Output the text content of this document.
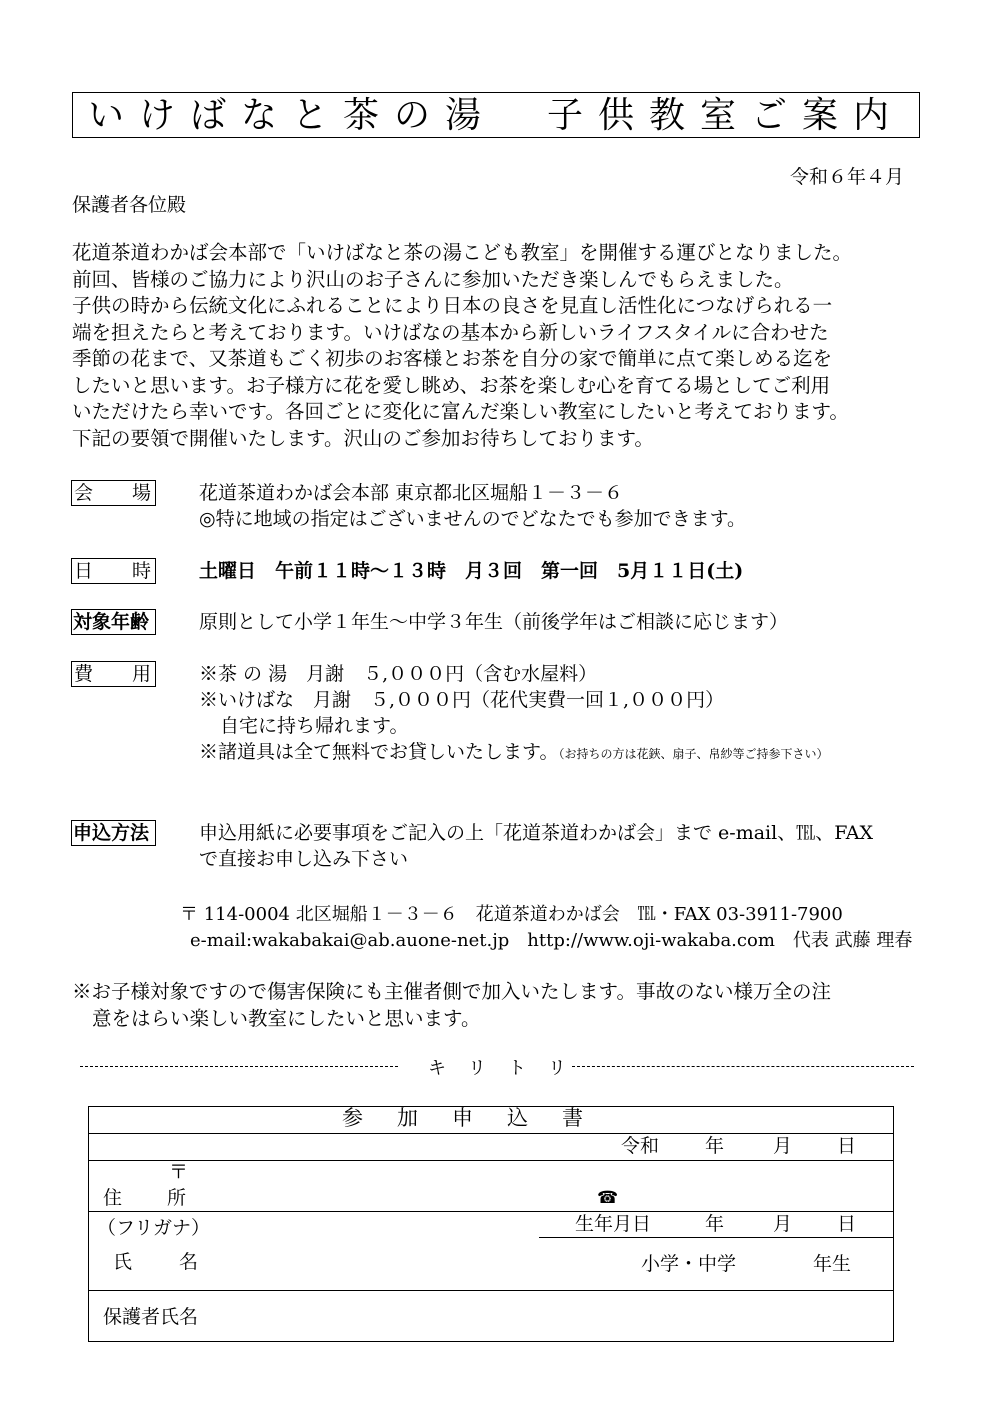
いけばなと茶の湯　子供教室ご案内
令和６年４月
保護者各位殿
花道茶道わかば会本部で「いけばなと茶の湯こども教室」を開催する運びとなりました。
前回、皆様のご協力により沢山のお子さんに参加いただき楽しんでもらえました。
子供の時から伝統文化にふれることにより日本の良さを見直し活性化につなげられる一
端を担えたらと考えております。いけばなの基本から新しいライフスタイルに合わせた
季節の花まで、又茶道もごく初歩のお客様とお茶を自分の家で簡単に点て楽しめる迄を
したいと思います。お子様方に花を愛し眺め、お茶を楽しむ心を育てる場としてご利用
いただけたら幸いです。各回ごとに変化に富んだ楽しい教室にしたいと考えております。
下記の要領で開催いたします。沢山のご参加お待ちしております。
会 場	花道茶道わかば会本部 東京都北区堀船１－３－６
◎特に地域の指定はございませんのでどなたでも参加できます。
日 時	土曜日　午前１１時～１３時　月３回　第一回　5月１１日(土)
対象年齢	原則として小学１年生～中学３年生（前後学年はご相談に応じます）
費 用	※茶 の 湯　月謝　５,０００円（含む水屋料）
※いけばな　月謝　５,０００円（花代実費一回１,０００円）
自宅に持ち帰れます。
※諸道具は全て無料でお貸しいたします。（お持ちの方は花鋏、扇子、帛紗等ご持参下さい）
申込方法	申込用紙に必要事項をご記入の上「花道茶道わかば会」まで e-mail、℡、FAX
で直接お申し込み下さい
〒 114-0004 北区堀船１－３－６　花道茶道わかば会　℡・FAX 03-3911-7900
e-mail:wakabakai@ab.auone-net.jp　http://www.oji-wakaba.com　代表 武藤 理春
※お子様対象ですので傷害保険にも主催者側で加入いたします。事故のない様万全の注
意をはらい楽しい教室にしたいと思います。
キリトリ
参加申込書
令和 年	月 日
〒
住 所	☎
（フリガナ）	生年月日	年	月 日
氏 名	小学・中学	年生
保護者氏名
